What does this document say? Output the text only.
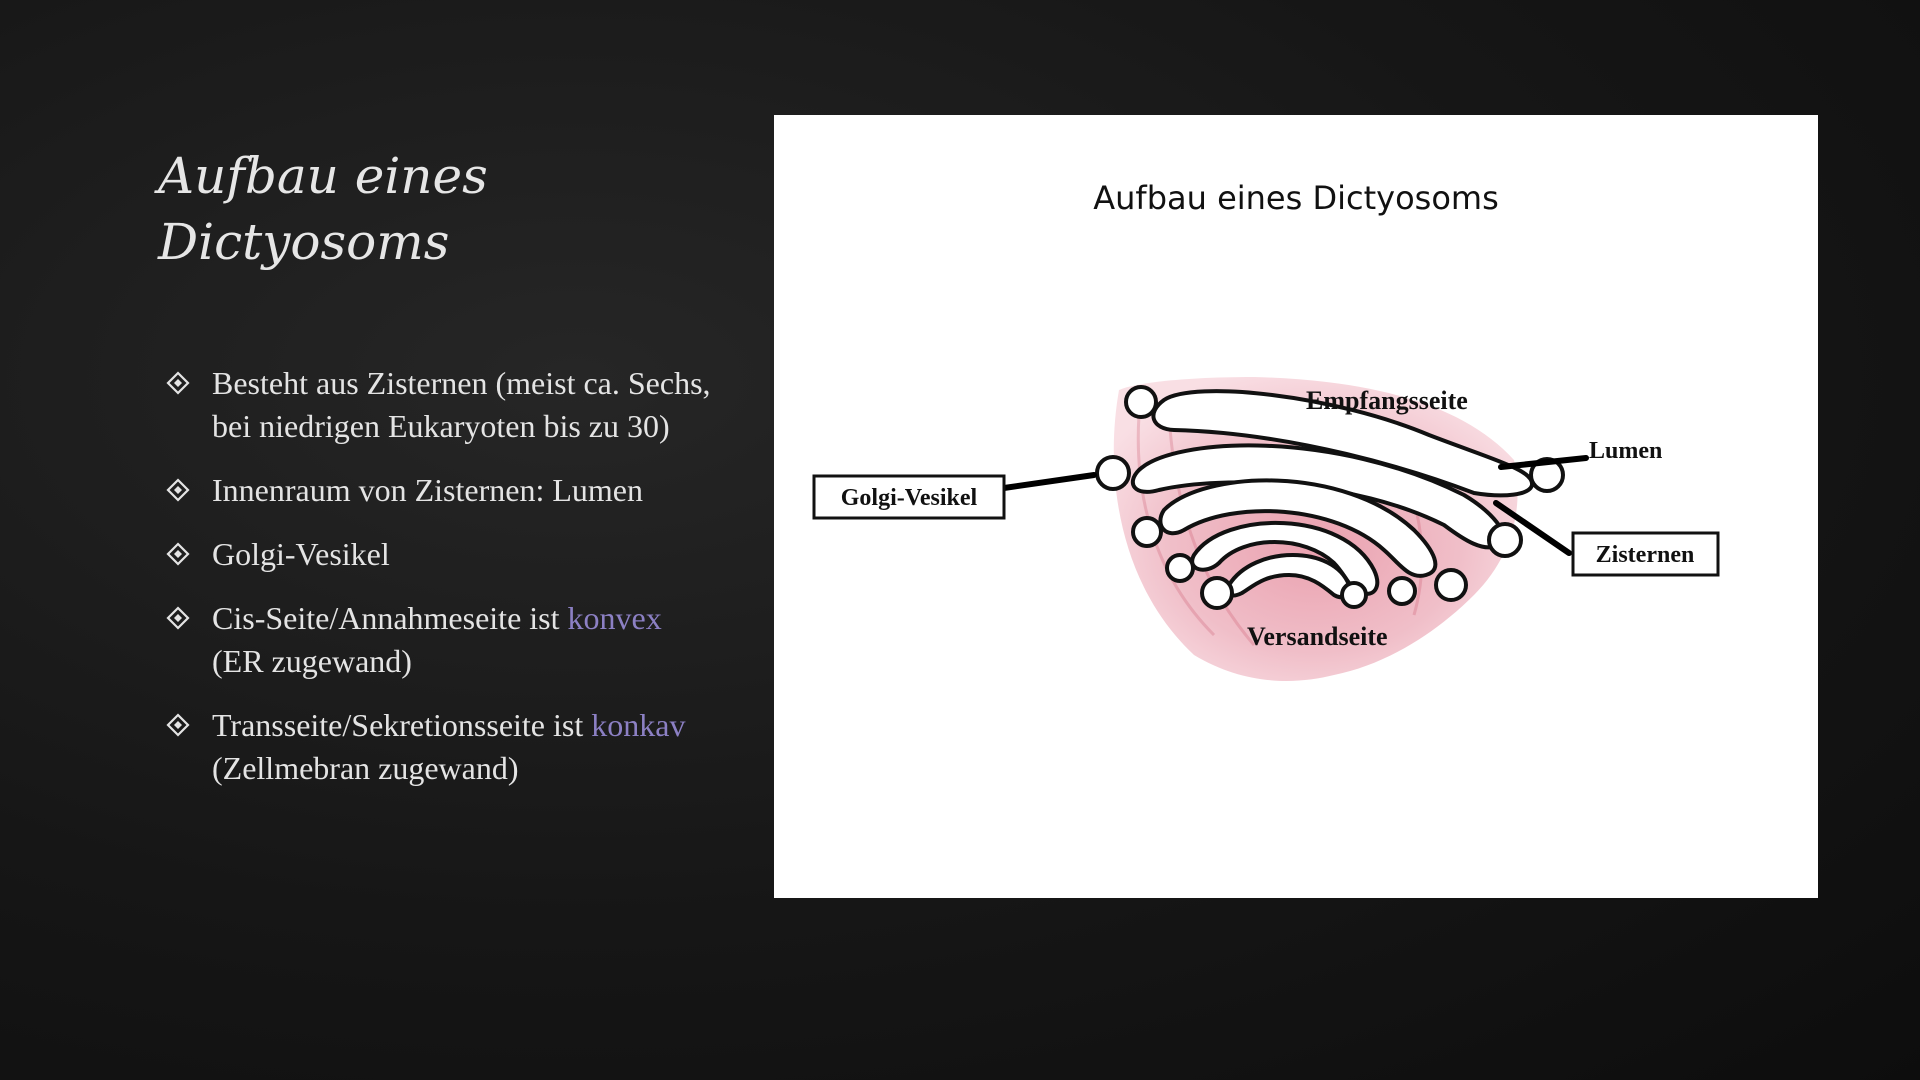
Aufbau eines
Dictyosoms
Besteht aus Zisternen (meist ca. Sechs, bei niedrigen Eukaryoten bis zu 30)
Innenraum von Zisternen: Lumen
Golgi-Vesikel
Cis-Seite/Annahmeseite ist konvex (ER zugewand)
Transseite/Sekretionsseite ist konkav (Zellmebran zugewand)
Aufbau eines Dictyosoms
Empfangsseite
Lumen
Versandseite
Golgi-Vesikel
Zisternen
